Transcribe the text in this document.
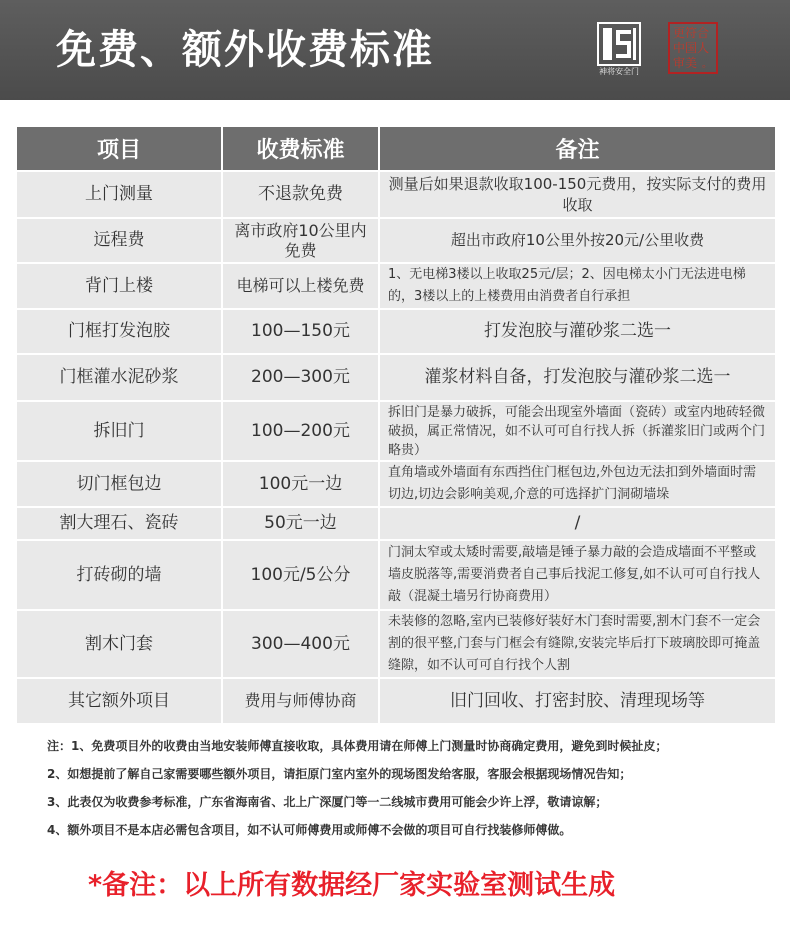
免费、额外收费标准	神将安全门
更符合
中国人
审美 。
项目	收费标准	备注
上门测量	不退款免费	测量后如果退款收取100-150元费用，按实际支付的费用收取
远程费	离市政府10公里内免费	超出市政府10公里外按20元/公里收费
背门上楼	电梯可以上楼免费	1、无电梯3楼以上收取25元/层；2、因电梯太小门无法进电梯的，3楼以上的上楼费用由消费者自行承担
门框打发泡胶	100—150元	打发泡胶与灌砂浆二选一
门框灌水泥砂浆	200—300元	灌浆材料自备，打发泡胶与灌砂浆二选一
拆旧门	100—200元	拆旧门是暴力破拆，可能会出现室外墙面（瓷砖）或室内地砖轻微破损，属正常情况，如不认可可自行找人拆（拆灌浆旧门或两个门略贵）
切门框包边	100元一边	直角墙或外墙面有东西挡住门框包边,外包边无法扣到外墙面时需切边,切边会影响美观,介意的可选择扩门洞砌墙垛
割大理石、瓷砖	50元一边	/
打砖砌的墙	100元/5公分	门洞太窄或太矮时需要,敲墙是锤子暴力敲的会造成墙面不平整或墙皮脱落等,需要消费者自己事后找泥工修复,如不认可可自行找人敲（混凝土墙另行协商费用）
割木门套	300—400元	未装修的忽略,室内已装修好装好木门套时需要,割木门套不一定会割的很平整,门套与门框会有缝隙,安装完毕后打下玻璃胶即可掩盖缝隙，如不认可可自行找个人割
其它额外项目	费用与师傅协商	旧门回收、打密封胶、清理现场等

注：1、免费项目外的收费由当地安装师傅直接收取，具体费用请在师傅上门测量时协商确定费用，避免到时候扯皮；

2、如想提前了解自己家需要哪些额外项目，请拒原门室内室外的现场图发给客服，客服会根据现场情况告知；

3、此表仅为收费参考标准，广东省海南省、北上广深厦门等一二线城市费用可能会少许上浮，敬请谅解；

4、额外项目不是本店必需包含项目，如不认可师傅费用或师傅不会做的项目可自行找装修师傅做。

*备注：以上所有数据经厂家实验室测试生成
